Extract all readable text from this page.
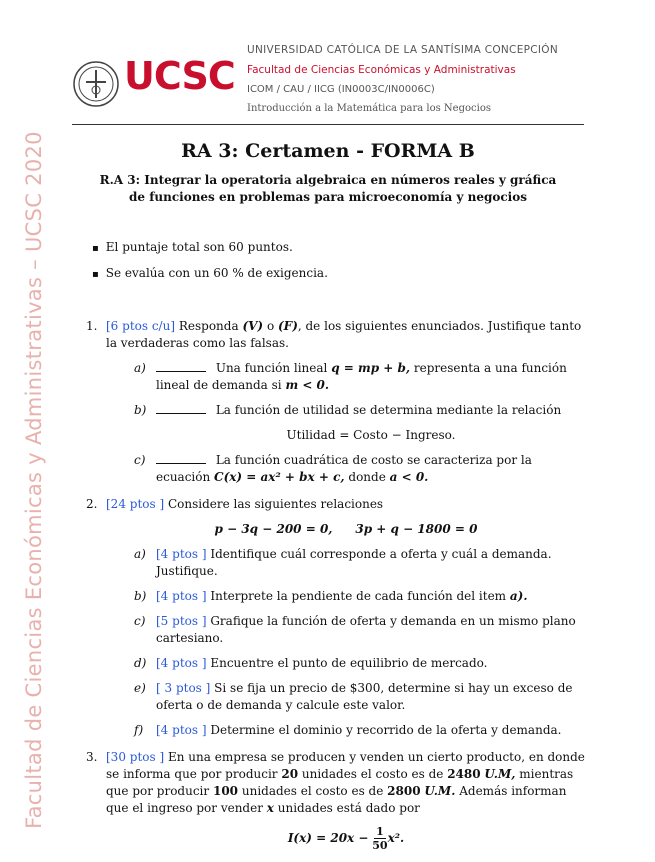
Facultad de Ciencias Económicas y Administrativas – UCSC 2020
UCSC
UNIVERSIDAD CATÓLICA DE LA SANTÍSIMA CONCEPCIÓN
Facultad de Ciencias Económicas y Administrativas
ICOM / CAU / IICG (IN0003C/IN0006C)
Introducción a la Matemática para los Negocios
RA 3: Certamen - FORMA B
R.A 3: Integrar la operatoria algebraica en números reales y gráfica de funciones en problemas para microeconomía y negocios
▪ El puntaje total son 60 puntos.
▪ Se evalúa con un 60 % de exigencia.
1. [6 ptos c/u] Responda (V) o (F), de los siguientes enunciados. Justifique tanto la verdaderas como las falsas.
a)	Una función lineal q = mp + b, representa a una función lineal de demanda si m < 0.
b)	La función de utilidad se determina mediante la relación
Utilidad = Costo − Ingreso.
c)	La función cuadrática de costo se caracteriza por la ecuación C(x) = ax² + bx + c, donde a < 0.
2. [24 ptos ] Considere las siguientes relaciones
p − 3q − 200 = 0, 3p + q − 1800 = 0
a) [4 ptos ] Identifique cuál corresponde a oferta y cuál a demanda. Justifique.
b) [4 ptos ] Interprete la pendiente de cada función del item a).
c) [5 ptos ] Grafique la función de oferta y demanda en un mismo plano cartesiano.
d) [4 ptos ] Encuentre el punto de equilibrio de mercado.
e) [ 3 ptos ] Si se fija un precio de $300, determine si hay un exceso de oferta o de demanda y calcule este valor.
f) [4 ptos ] Determine el dominio y recorrido de la oferta y demanda.
3. [30 ptos ] En una empresa se producen y venden un cierto producto, en donde se informa que por producir 20 unidades el costo es de 2480 U.M, mientras que por producir 100 unidades el costo es de 2800 U.M. Además informan que el ingreso por vender x unidades está dado por
$I(x) = 20x - \frac{1}{50} x^2$.
